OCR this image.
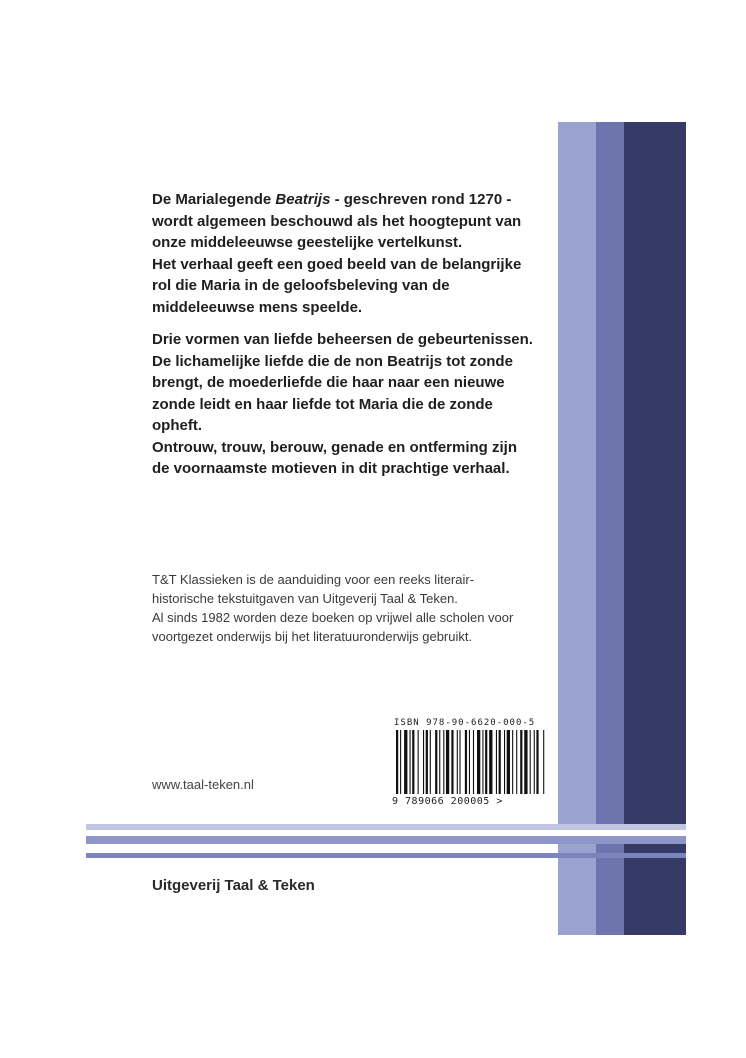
De Marialegende Beatrijs - geschreven rond 1270 -

wordt algemeen beschouwd als het hoogtepunt van

onze middeleeuwse geestelijke vertelkunst.

Het verhaal geeft een goed beeld van de belangrijke

rol die Maria in de geloofsbeleving van de

middeleeuwse mens speelde.

Drie vormen van liefde beheersen de gebeurtenissen.

De lichamelijke liefde die de non Beatrijs tot zonde

brengt, de moederliefde die haar naar een nieuwe

zonde leidt en haar liefde tot Maria die de zonde

opheft.

Ontrouw, trouw, berouw, genade en ontferming zijn

de voornaamste motieven in dit prachtige verhaal.

T&T Klassieken is de aanduiding voor een reeks literair-

historische tekstuitgaven van Uitgeverij Taal & Teken.

Al sinds 1982 worden deze boeken op vrijwel alle scholen voor

voortgezet onderwijs bij het literatuuronderwijs gebruikt.

ISBN 978-90-6620-000-5
9 789066 200005 >
www.taal-teken.nl
Uitgeverij Taal & Teken
